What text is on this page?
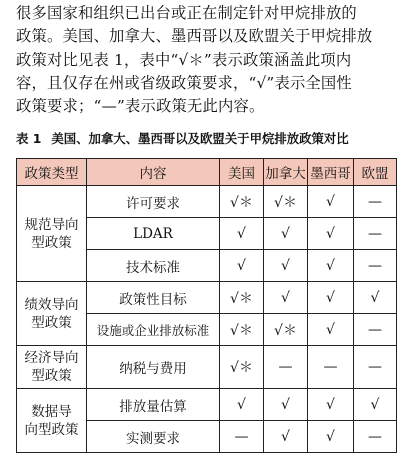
很多国家和组织已出台或正在制定针对甲烷排放的
政策。美国、加拿大、墨西哥以及欧盟关于甲烷排放
政策对比见表 1，表中“√＊”表示政策涵盖此项内
容，且仅存在州或省级政策要求，“√”表示全国性
政策要求；“—”表示政策无此内容。
表 1 美国、加拿大、墨西哥以及欧盟关于甲烷排放政策对比
政策类型	内容	美国	加拿大	墨西哥	欧盟
规范导向
型政策	许可要求	√＊	√＊	√	—
	LDAR	√	√	√	—
	技术标准	√	√	√	—
绩效导向
型政策	政策性目标	√＊	√	√	√
	设施或企业排放标准	√＊	√＊	√	—
经济导向
型政策	纳税与费用	√＊	—	—	—
数据导
向型政策	排放量估算	√	√	√	√
	实测要求	—	√	√	—
